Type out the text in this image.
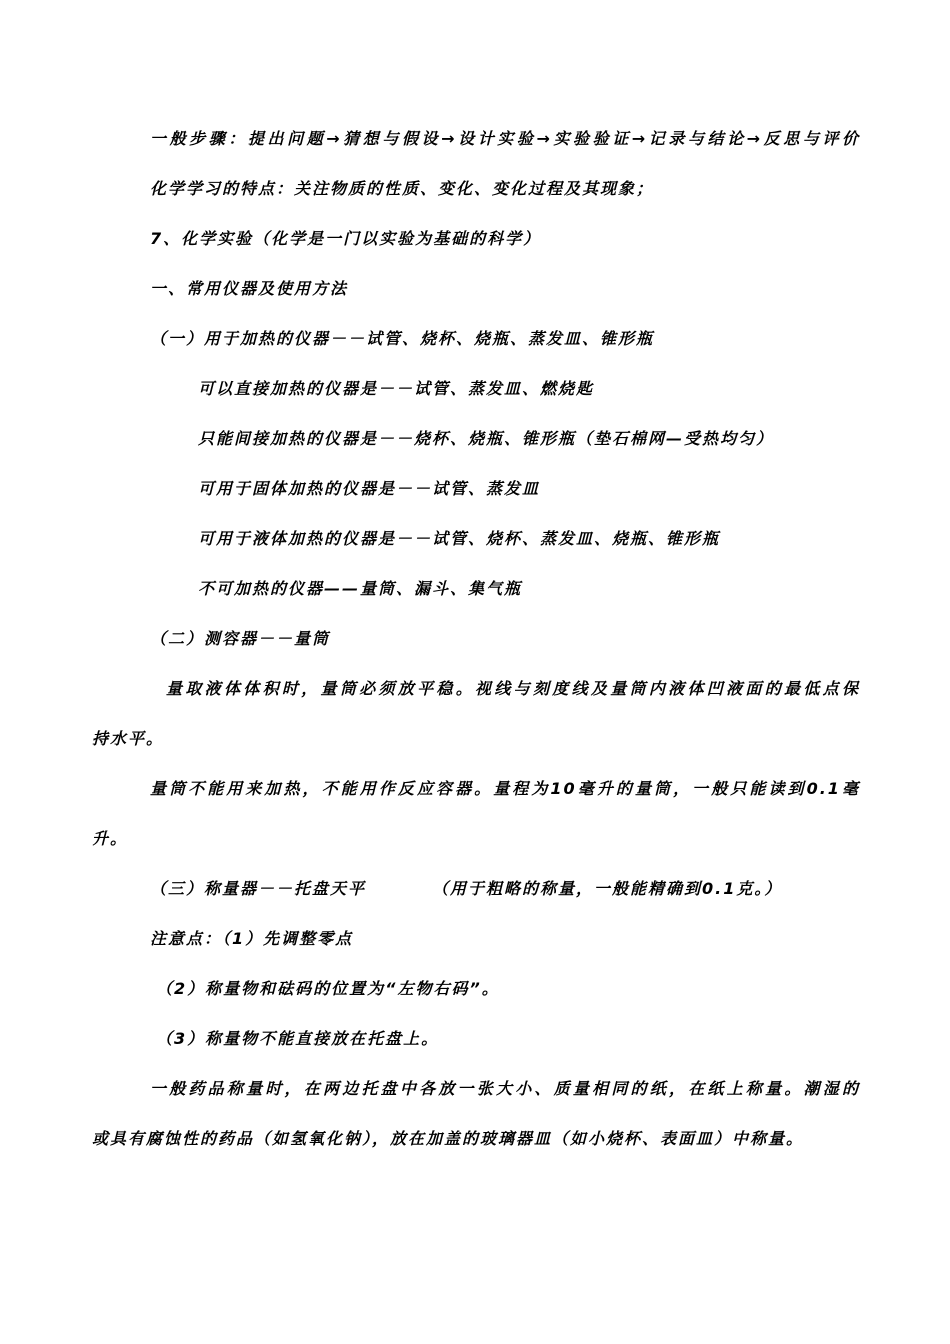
一般步骤：提出问题→猜想与假设→设计实验→实验验证→记录与结论→反思与评价
化学学习的特点：关注物质的性质、变化、变化过程及其现象；
7、化学实验（化学是一门以实验为基础的科学）
一、常用仪器及使用方法
（一）用于加热的仪器－－试管、烧杯、烧瓶、蒸发皿、锥形瓶
可以直接加热的仪器是－－试管、蒸发皿、燃烧匙
只能间接加热的仪器是－－烧杯、烧瓶、锥形瓶（垫石棉网—受热均匀）
可用于固体加热的仪器是－－试管、蒸发皿
可用于液体加热的仪器是－－试管、烧杯、蒸发皿、烧瓶、锥形瓶
不可加热的仪器——量筒、漏斗、集气瓶
（二）测容器－－量筒
量取液体体积时，量筒必须放平稳。视线与刻度线及量筒内液体凹液面的最低点保
持水平。
量筒不能用来加热，不能用作反应容器。量程为10毫升的量筒，一般只能读到0.1毫
升。
（三）称量器－－托盘天平	（用于粗略的称量，一般能精确到0.1克。）
注意点：（1）先调整零点
（2）称量物和砝码的位置为“左物右码”。
（3）称量物不能直接放在托盘上。
一般药品称量时，在两边托盘中各放一张大小、质量相同的纸，在纸上称量。潮湿的
或具有腐蚀性的药品（如氢氧化钠），放在加盖的玻璃器皿（如小烧杯、表面皿）中称量。
